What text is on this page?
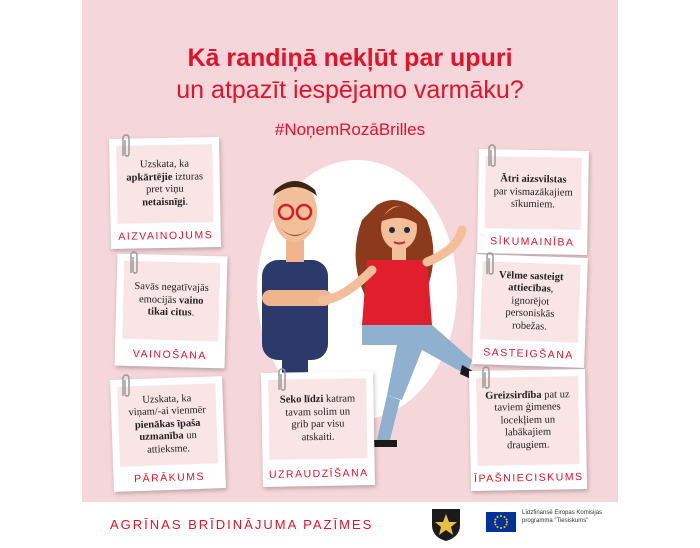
Kā randiņā nekļūt par upuri
un atpazīt iespējamo varmāku?
#NoņemRozāBrilles
Uzskata, ka apkārtējie izturas pret viņu netaisnīgi.
AIZVAINOJUMS
Savās negatīvajās emocijās vaino tikai citus.
VAINOŠANA
Uzskata, ka viņam/-ai vienmēr pienākas īpaša uzmanība un attieksme.
PĀRĀKUMS
Seko līdzi katram tavam solim un grib par visu atskaiti.
UZRAUDZĪŠANA
Ātri aizsvilstas par vismazākajiem sīkumiem.
SĪKUMAINĪBA
Vēlme sasteigt attiecības, ignorējot personiskās robežas.
SASTEIGŠANA
Greizsirdība pat uz taviem ģimenes locekļiem un labākajiem draugiem.
ĪPAŠNIECISKUMS
AGRĪNAS BRĪDINĀJUMA PAZĪMES
Līdzfinansē Eiropas Komisijas programma "Tiesiskums"
